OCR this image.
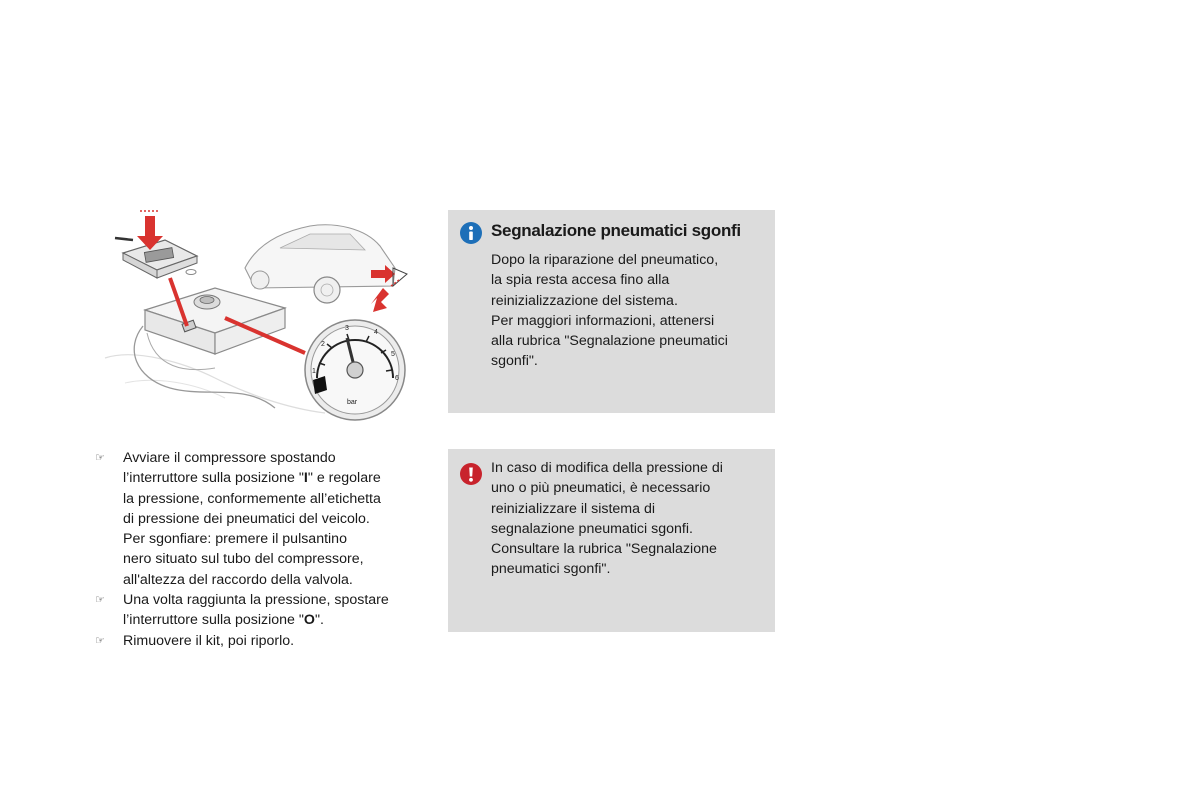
1
2
3
4
5
6
bar
☞	Avviare il compressore spostando
l’interruttore sulla posizione "I" e regolare
la pressione, conformemente all’etichetta
di pressione dei pneumatici del veicolo.
Per sgonfiare: premere il pulsantino
nero situato sul tubo del compressore,
all'altezza del raccordo della valvola.
☞	Una volta raggiunta la pressione, spostare
l’interruttore sulla posizione "O".
☞	Rimuovere il kit, poi riporlo.
Segnalazione pneumatici sgonfi

Dopo la riparazione del pneumatico,
la spia resta accesa fino alla
reinizializzazione del sistema.
Per maggiori informazioni, attenersi
alla rubrica "Segnalazione pneumatici
sgonfi".

In caso di modifica della pressione di
uno o più pneumatici, è necessario
reinizializzare il sistema di
segnalazione pneumatici sgonfi.
Consultare la rubrica "Segnalazione
pneumatici sgonfi".
